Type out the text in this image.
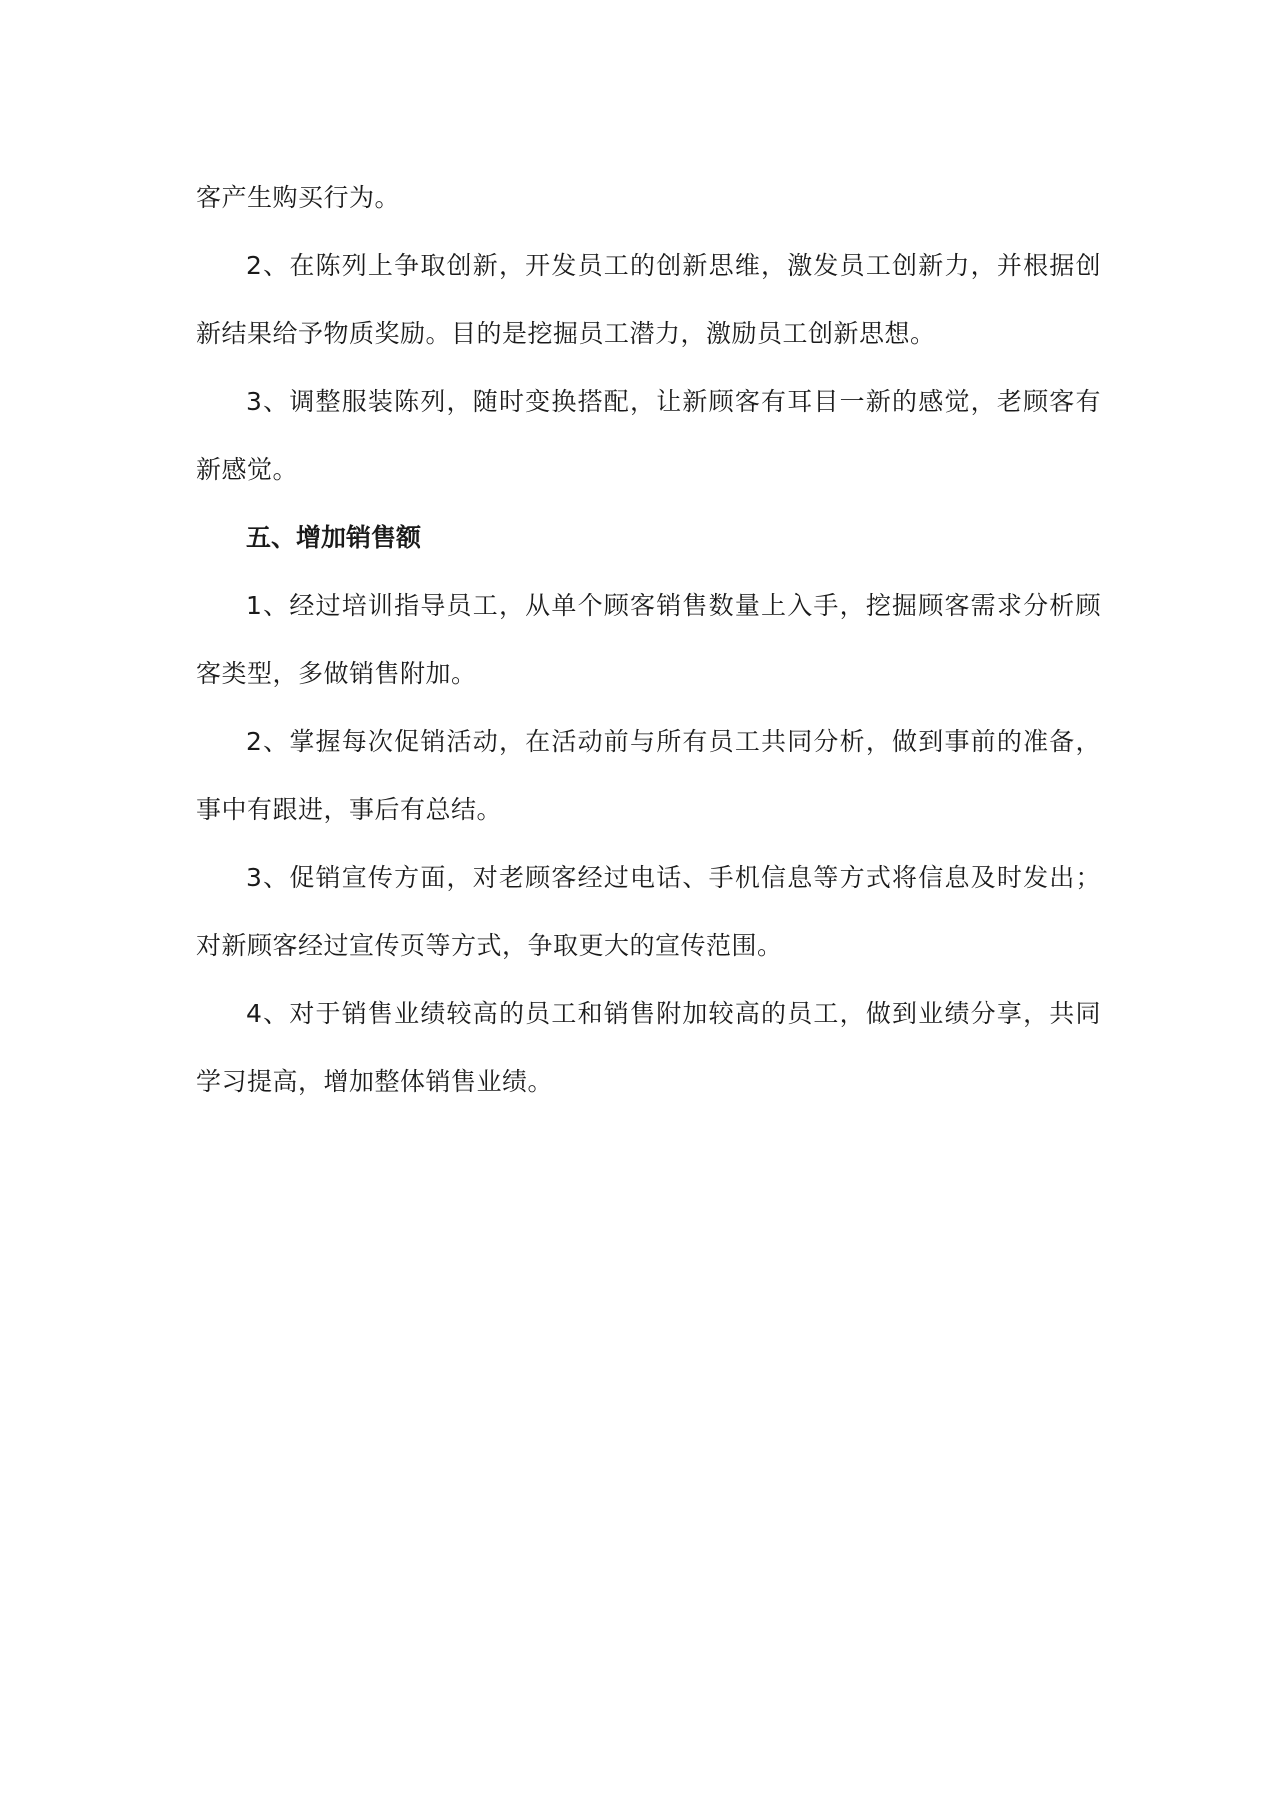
客产生购买行为。

2、在陈列上争取创新，开发员工的创新思维，激发员工创新力，并根据创新结果给予物质奖励。目的是挖掘员工潜力，激励员工创新思想。

3、调整服装陈列，随时变换搭配，让新顾客有耳目一新的感觉，老顾客有新感觉。

五、增加销售额

1、经过培训指导员工，从单个顾客销售数量上入手，挖掘顾客需求分析顾客类型，多做销售附加。

2、掌握每次促销活动，在活动前与所有员工共同分析，做到事前的准备，事中有跟进，事后有总结。

3、促销宣传方面，对老顾客经过电话、手机信息等方式将信息及时发出；对新顾客经过宣传页等方式，争取更大的宣传范围。

4、对于销售业绩较高的员工和销售附加较高的员工，做到业绩分享，共同学习提高，增加整体销售业绩。
